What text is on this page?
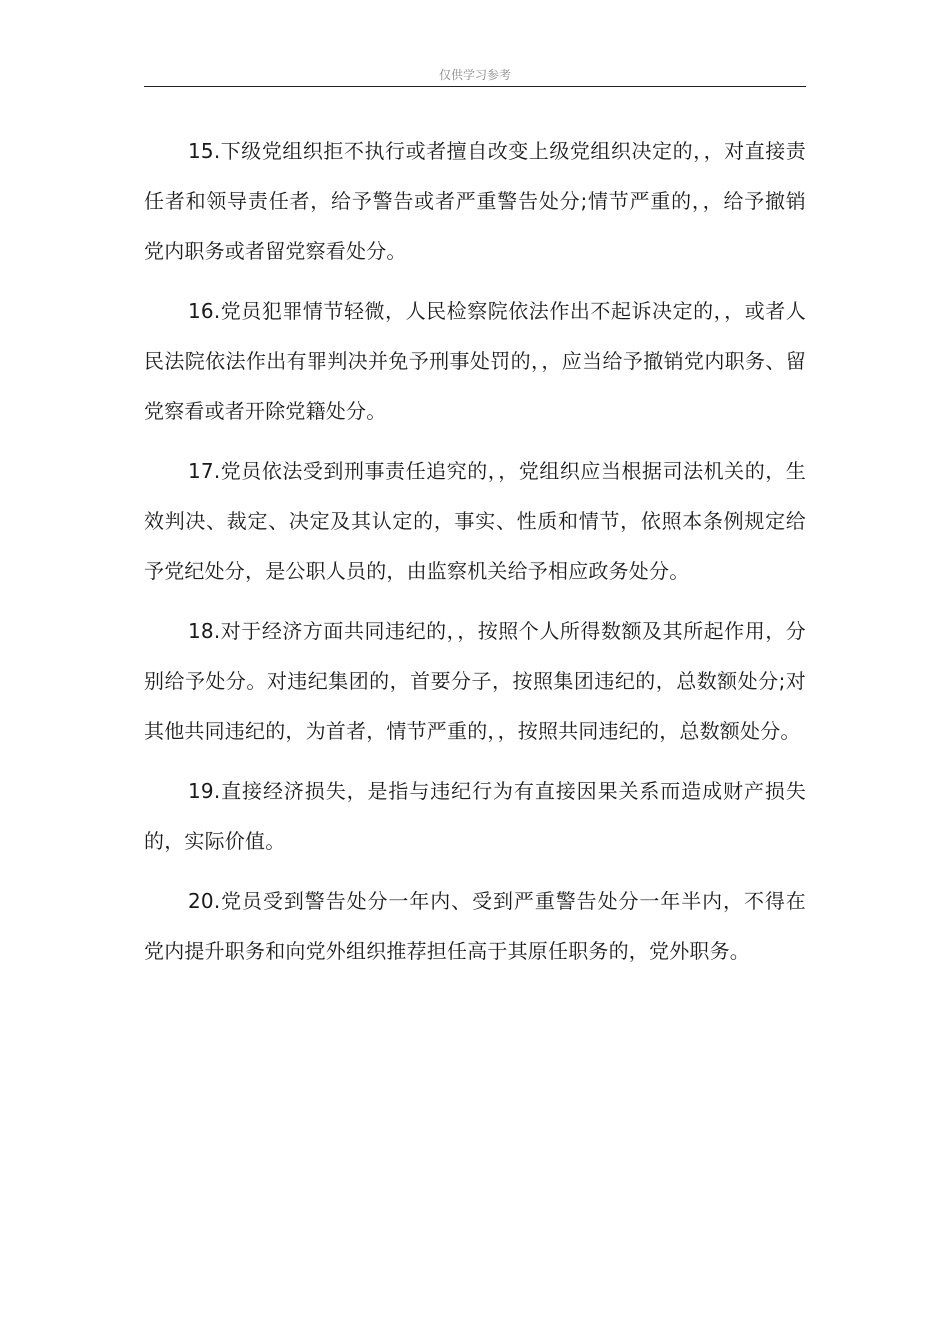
仅供学习参考

15.下级党组织拒不执行或者擅自改变上级党组织决定的，，对直接责任者和领导责任者，给予警告或者严重警告处分;情节严重的，，给予撤销党内职务或者留党察看处分。

16.党员犯罪情节轻微，人民检察院依法作出不起诉决定的，，或者人民法院依法作出有罪判决并免予刑事处罚的，，应当给予撤销党内职务、留党察看或者开除党籍处分。

17.党员依法受到刑事责任追究的，，党组织应当根据司法机关的，生效判决、裁定、决定及其认定的，事实、性质和情节，依照本条例规定给予党纪处分，是公职人员的，由监察机关给予相应政务处分。

18.对于经济方面共同违纪的，，按照个人所得数额及其所起作用，分别给予处分。对违纪集团的，首要分子，按照集团违纪的，总数额处分;对其他共同违纪的，为首者，情节严重的，，按照共同违纪的，总数额处分。

19.直接经济损失，是指与违纪行为有直接因果关系而造成财产损失的，实际价值。

20.党员受到警告处分一年内、受到严重警告处分一年半内，不得在党内提升职务和向党外组织推荐担任高于其原任职务的，党外职务。
